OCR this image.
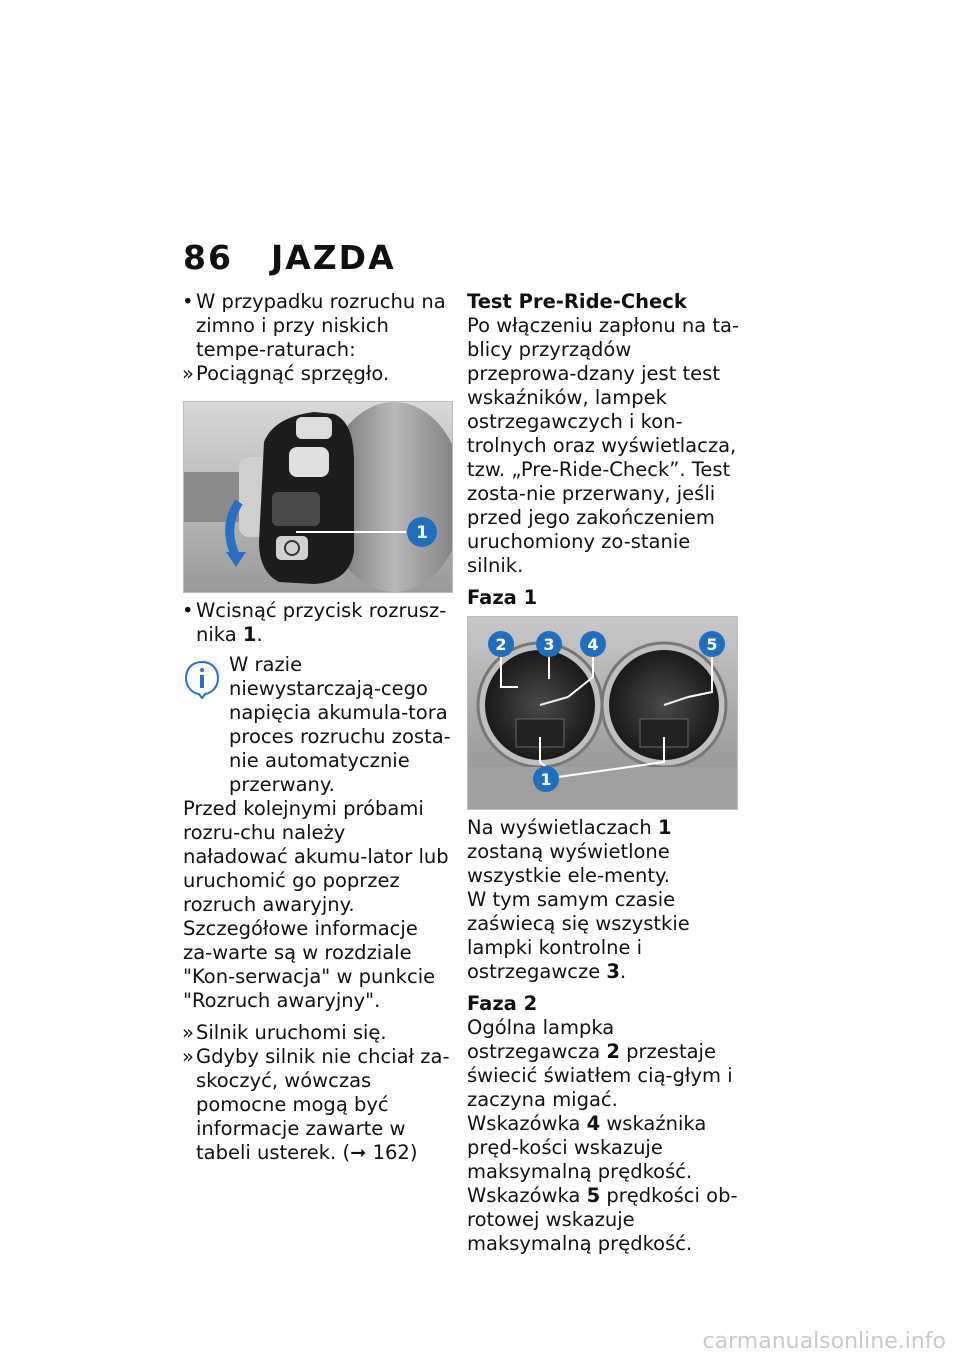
86 JAZDA

• W przypadku rozruchu na zimno i przy niskich tempe-raturach:

» Pociągnąć sprzęgło.

1

• Wcisnąć przycisk rozrusz-nika 1.

W razie niewystarczają-cego napięcia akumula-tora proces rozruchu zosta-nie automatycznie przerwany.

Przed kolejnymi próbami rozru-chu należy naładować akumu-lator lub uruchomić go poprzez rozruch awaryjny.

Szczegółowe informacje za-warte są w rozdziale "Kon-serwacja" w punkcie "Rozruch awaryjny".

» Silnik uruchomi się.

» Gdyby silnik nie chciał za-skoczyć, wówczas pomocne mogą być informacje zawarte w tabeli usterek. (➞ 162)

Test Pre-Ride-Check

Po włączeniu zapłonu na ta-blicy przyrządów przeprowa-dzany jest test wskaźników, lampek ostrzegawczych i kon-trolnych oraz wyświetlacza, tzw. „Pre-Ride-Check”. Test zosta-nie przerwany, jeśli przed jego zakończeniem uruchomiony zo-stanie silnik.

Faza 1

2 3 4	5
1

Na wyświetlaczach 1 zostaną wyświetlone wszystkie ele-menty.

W tym samym czasie zaświecą się wszystkie lampki kontrolne i ostrzegawcze 3.

Faza 2

Ogólna lampka ostrzegawcza 2 przestaje świecić światłem cią-głym i zaczyna migać.

Wskazówka 4 wskaźnika pręd-kości wskazuje maksymalną prędkość.

Wskazówka 5 prędkości ob-rotowej wskazuje maksymalną prędkość.

carmanualsonline.info
